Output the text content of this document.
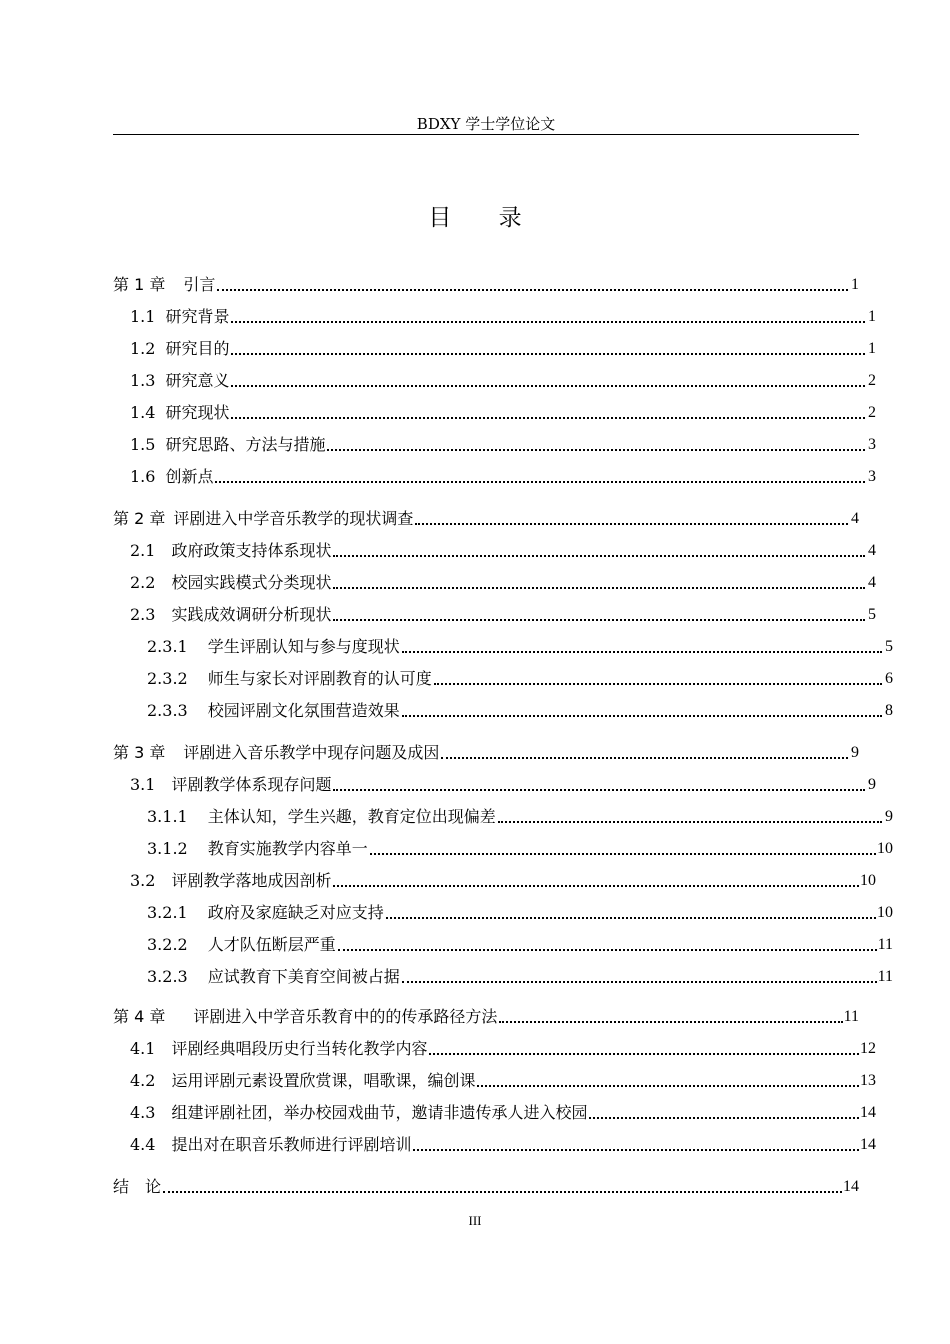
BDXY 学士学位论文
目 录
第 1 章 引言	1
1.1 研究背景	1
1.2 研究目的	1
1.3 研究意义	2
1.4 研究现状	2
1.5 研究思路、方法与措施	3
1.6 创新点	3
第 2 章 评剧进入中学音乐教学的现状调查	4
2.1 政府政策支持体系现状	4
2.2 校园实践模式分类现状	4
2.3 实践成效调研分析现状	5
2.3.1 学生评剧认知与参与度现状	5
2.3.2 师生与家长对评剧教育的认可度	6
2.3.3 校园评剧文化氛围营造效果	8
第 3 章 评剧进入音乐教学中现存问题及成因	9
3.1 评剧教学体系现存问题	9
3.1.1 主体认知，学生兴趣，教育定位出现偏差	9
3.1.2 教育实施教学内容单一	10
3.2 评剧教学落地成因剖析	10
3.2.1 政府及家庭缺乏对应支持	10
3.2.2 人才队伍断层严重	11
3.2.3 应试教育下美育空间被占据	11
第 4 章 评剧进入中学音乐教育中的的传承路径方法	11
4.1 评剧经典唱段历史行当转化教学内容	12
4.2 运用评剧元素设置欣赏课，唱歌课，编创课	13
4.3 组建评剧社团，举办校园戏曲节，邀请非遗传承人进入校园	14
4.4 提出对在职音乐教师进行评剧培训	14
结　论	14
III
